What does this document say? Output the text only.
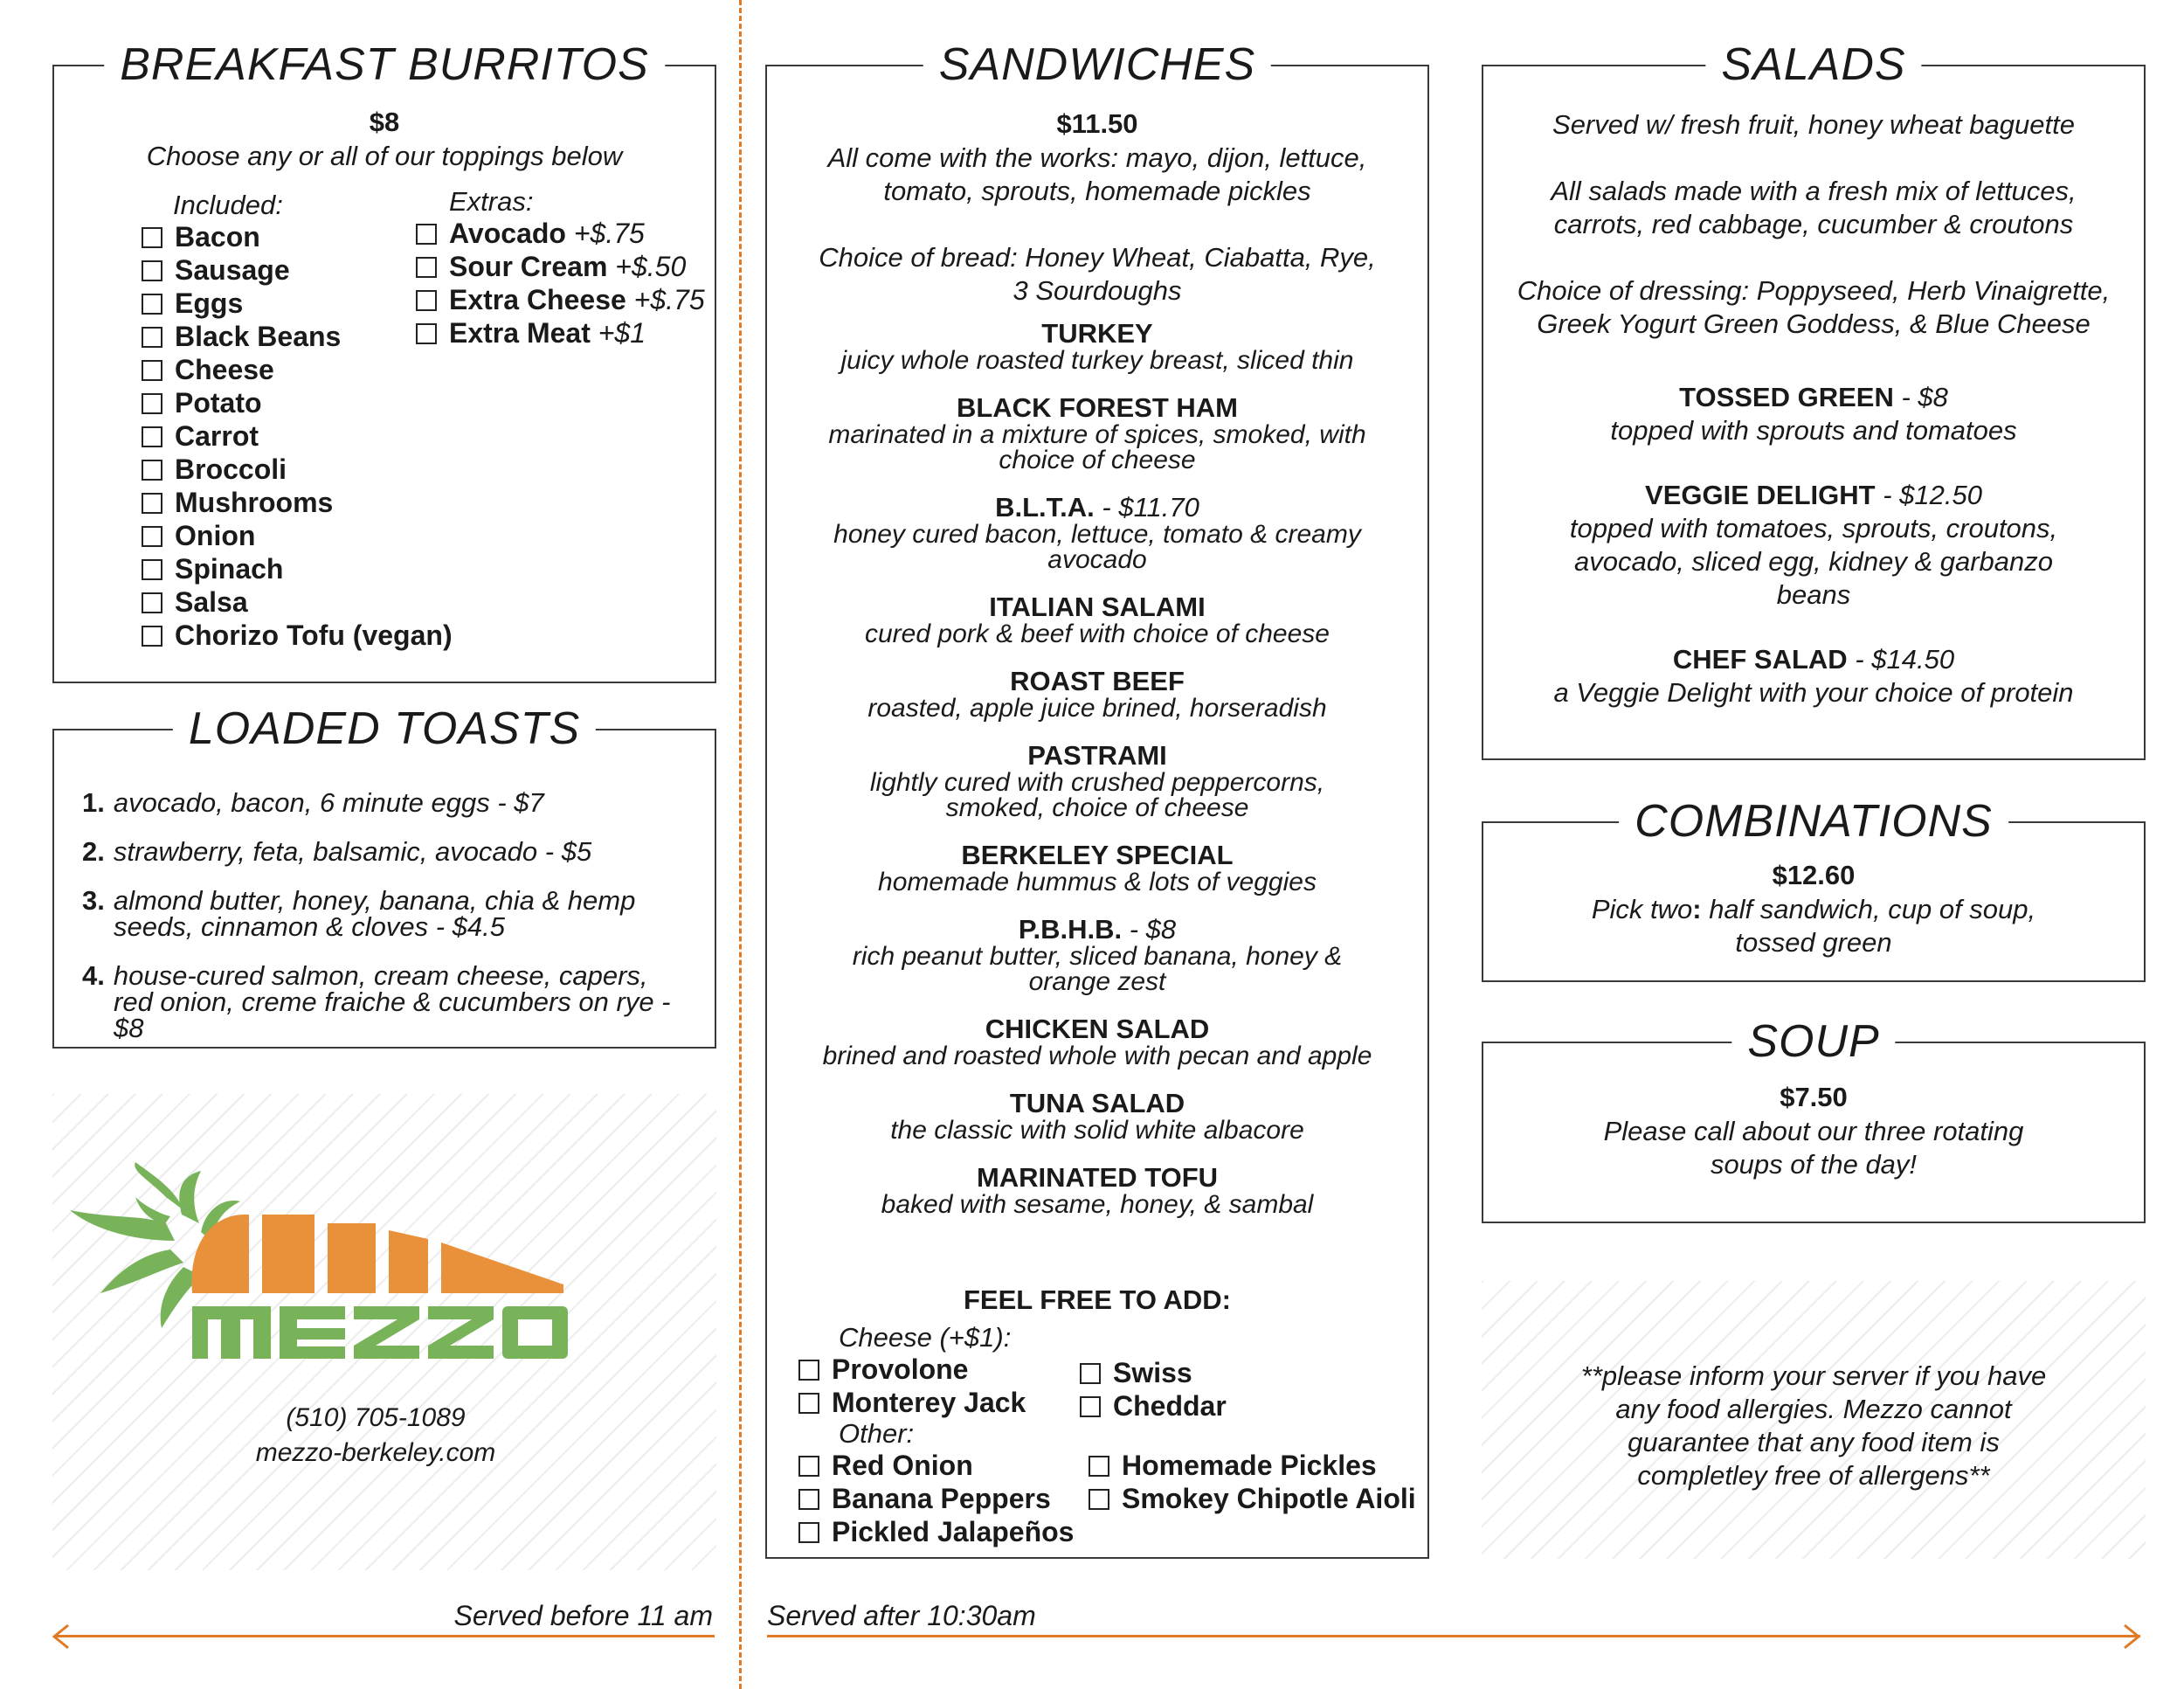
BREAKFAST BURRITOS
$8
Choose any or all of our toppings below
Included:	Extras:
Bacon
Sausage
Eggs
Black Beans
Cheese
Potato
Carrot
Broccoli
Mushrooms
Onion
Spinach
Salsa
Chorizo Tofu (vegan)
Avocado +$.75
Sour Cream +$.50
Extra Cheese +$.75
Extra Meat +$1
LOADED TOASTS
1. avocado, bacon, 6 minute eggs - $7
2. strawberry, feta, balsamic, avocado - $5
3. almond butter, honey, banana, chia & hemp
seeds, cinnamon & cloves - $4.5
4. house-cured salmon, cream cheese, capers,
red onion, creme fraiche & cucumbers on rye - $8
(510) 705-1089
mezzo-berkeley.com
SANDWICHES
$11.50
All come with the works: mayo, dijon, lettuce,
tomato, sprouts, homemade pickles
Choice of bread: Honey Wheat, Ciabatta, Rye,
3 Sourdoughs
TURKEY
juicy whole roasted turkey breast, sliced thin
BLACK FOREST HAM
marinated in a mixture of spices, smoked, with
choice of cheese
B.L.T.A. - $11.70
honey cured bacon, lettuce, tomato & creamy
avocado
ITALIAN SALAMI
cured pork & beef with choice of cheese
ROAST BEEF
roasted, apple juice brined, horseradish
PASTRAMI
lightly cured with crushed peppercorns,
smoked, choice of cheese
BERKELEY SPECIAL
homemade hummus & lots of veggies
P.B.H.B. - $8
rich peanut butter, sliced banana, honey &
orange zest
CHICKEN SALAD
brined and roasted whole with pecan and apple
TUNA SALAD
the classic with solid white albacore
MARINATED TOFU
baked with sesame, honey, & sambal
FEEL FREE TO ADD:
Cheese (+$1):
Provolone
Monterey Jack
Swiss
Cheddar
Other:
Red Onion
Banana Peppers
Pickled Jalapeños
Homemade Pickles
Smokey Chipotle Aioli
SALADS
Served w/ fresh fruit, honey wheat baguette
All salads made with a fresh mix of lettuces,
carrots, red cabbage, cucumber & croutons
Choice of dressing: Poppyseed, Herb Vinaigrette,
Greek Yogurt Green Goddess, & Blue Cheese
TOSSED GREEN - $8
topped with sprouts and tomatoes
VEGGIE DELIGHT - $12.50
topped with tomatoes, sprouts, croutons,
avocado, sliced egg, kidney & garbanzo
beans
CHEF SALAD - $14.50
a Veggie Delight with your choice of protein
COMBINATIONS
$12.60
Pick two: half sandwich, cup of soup,
tossed green
SOUP
$7.50
Please call about our three rotating
soups of the day!
**please inform your server if you have
any food allergies. Mezzo cannot
guarantee that any food item is
completley free of allergens**
Served before 11 am Served after 10:30am
